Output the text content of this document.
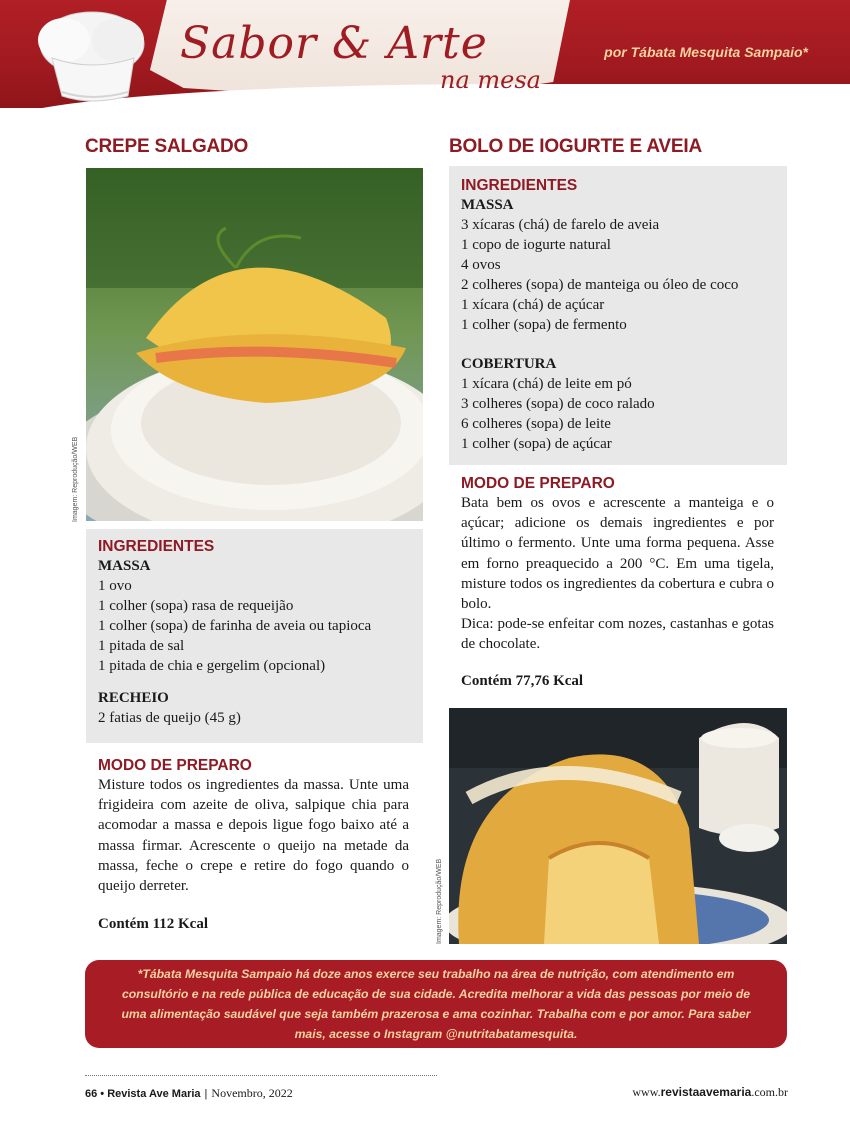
Sabor & Arte
na mesa
por Tábata Mesquita Sampaio*
CREPE SALGADO
Imagem: Reprodução/WEB
INGREDIENTES
MASSA
1 ovo
1 colher (sopa) rasa de requeijão
1 colher (sopa) de farinha de aveia ou tapioca
1 pitada de sal
1 pitada de chia e gergelim (opcional)
RECHEIO
2 fatias de queijo (45 g)
MODO DE PREPARO
Misture todos os ingredientes da massa. Unte uma frigideira com azeite de oliva, salpique chia para acomodar a massa e depois ligue fogo baixo até a massa firmar. Acrescente o queijo na metade da massa, feche o crepe e retire do fogo quando o queijo derreter.
Contém 112 Kcal
BOLO DE IOGURTE E AVEIA
INGREDIENTES
MASSA
3 xícaras (chá) de farelo de aveia
1 copo de iogurte natural
4 ovos
2 colheres (sopa) de manteiga ou óleo de coco
1 xícara (chá) de açúcar
1 colher (sopa) de fermento
COBERTURA
1 xícara (chá) de leite em pó
3 colheres (sopa) de coco ralado
6 colheres (sopa) de leite
1 colher (sopa) de açúcar
MODO DE PREPARO
Bata bem os ovos e acrescente a manteiga e o açúcar; adicione os demais ingredientes e por último o fermento. Unte uma forma pequena. Asse em forno preaquecido a 200 °C. Em uma tigela, misture todos os ingredientes da cobertura e cubra o bolo.
Dica: pode-se enfeitar com nozes, castanhas e gotas de chocolate.
Contém 77,76 Kcal
Imagem: Reprodução/WEB
*Tábata Mesquita Sampaio há doze anos exerce seu trabalho na área de nutrição, com atendimento em consultório e na rede pública de educação de sua cidade. Acredita melhorar a vida das pessoas por meio de uma alimentação saudável que seja também prazerosa e ama cozinhar. Trabalha com e por amor. Para saber mais, acesse o Instagram @nutritabatamesquita.
66 • Revista Ave Maria | Novembro, 2022	www.revistaavemaria.com.br
